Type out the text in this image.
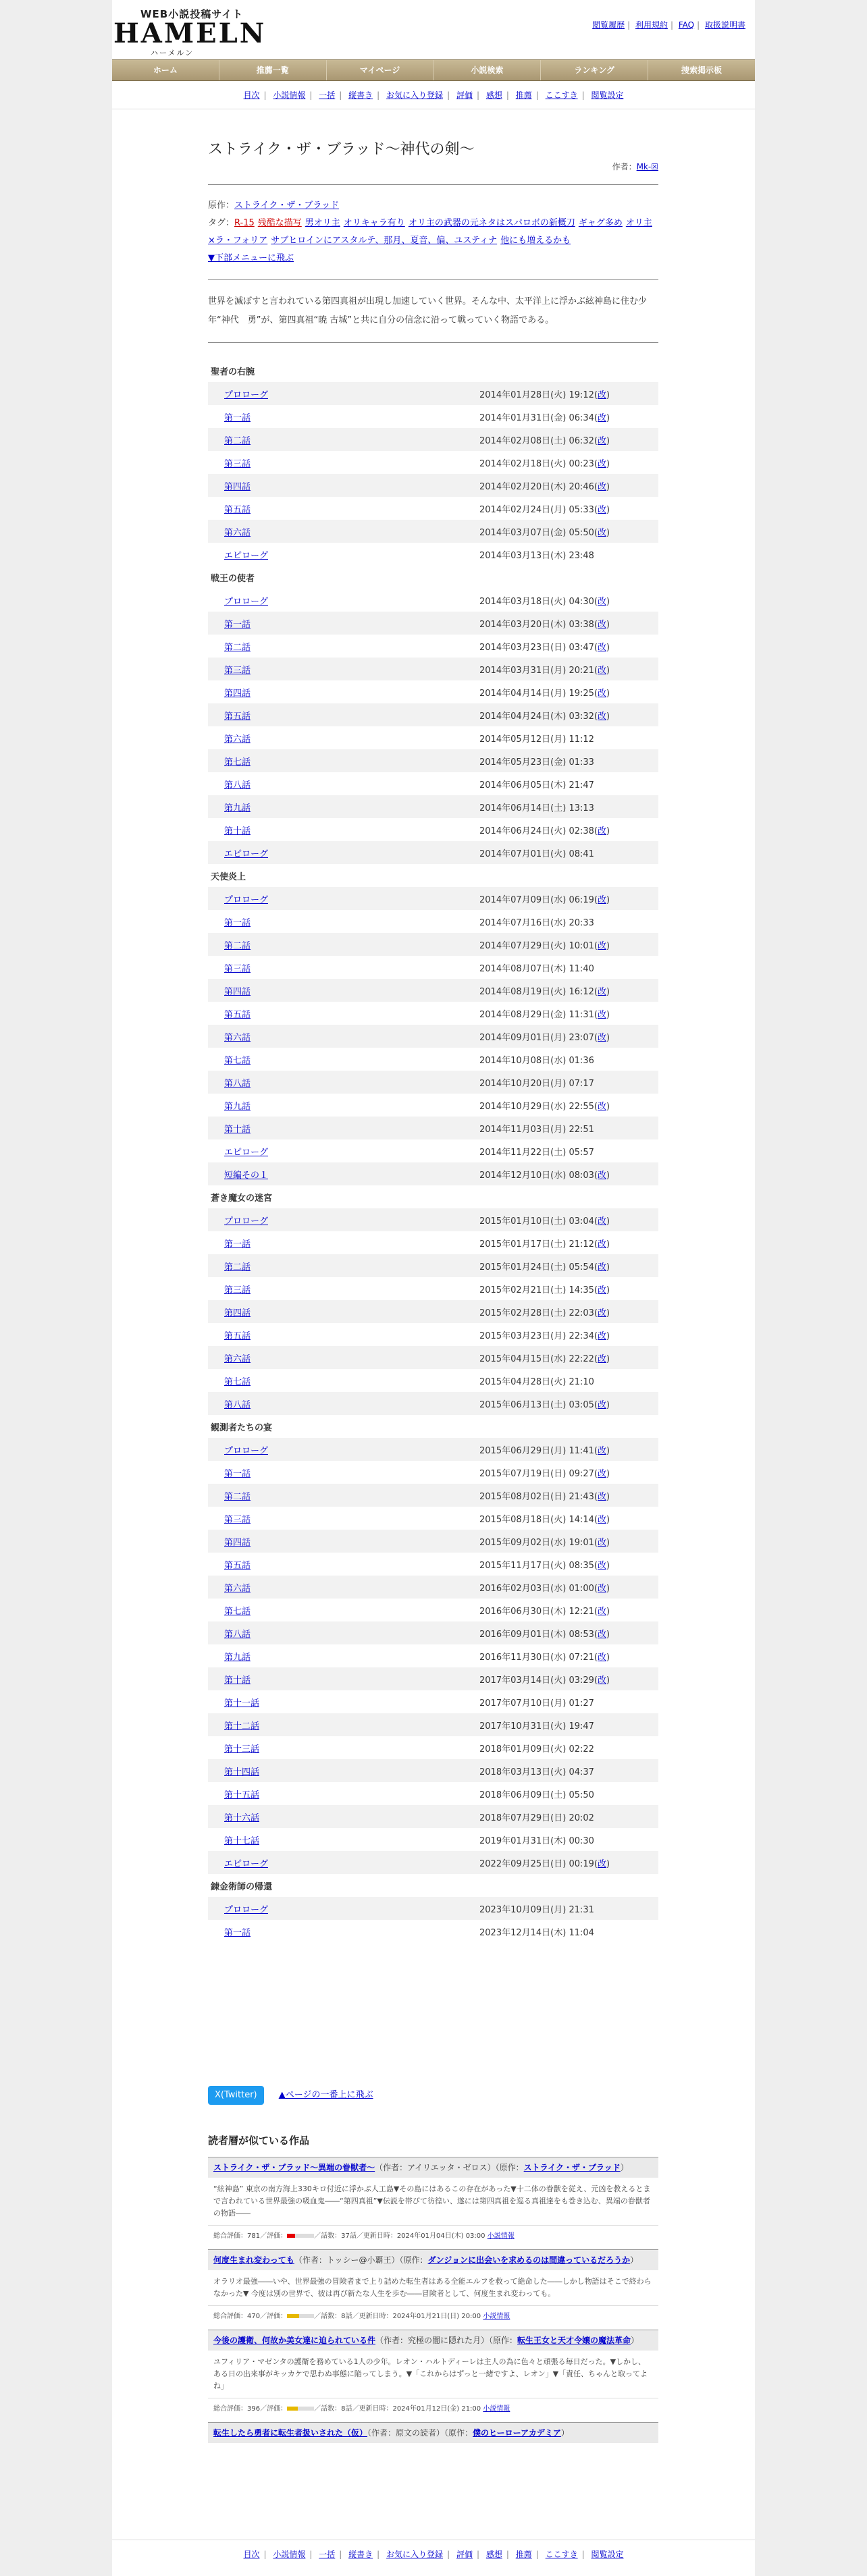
WEB小説投稿サイト
HAMELN
ハーメルン
閲覧履歴 | 利用規約 | FAQ | 取扱説明書
ホーム	推薦一覧	マイページ	小説検索	ランキング	捜索掲示板
目次 | 小説情報 | 一括 | 縦書き | お気に入り登録 | 評価 | 感想 | 推薦 | ここすき | 閲覧設定
ストライク・ザ・ブラッド〜神代の剣〜
作者：Mk-☒
原作：ストライク・ザ・ブラッド
タグ：R-15 残酷な描写 男オリ主 オリキャラ有り オリ主の武器の元ネタはスパロボの新概刀 ギャグ多め オリ主×ラ・フォリア サブヒロインにアスタルテ、那月、夏音、偏、ユスティナ 他にも増えるかも
▼下部メニューに飛ぶ
世界を滅ぼすと言われている第四真祖が出現し加速していく世界。そんな中、太平洋上に浮かぶ絃神島に住む少年“神代　勇”が、第四真祖“暁 古城”と共に自分の信念に沿って戦っていく物語である。
聖者の右腕	
プロローグ	2014年01月28日(火) 19:12(改)
第一話	2014年01月31日(金) 06:34(改)
第二話	2014年02月08日(土) 06:32(改)
第三話	2014年02月18日(火) 00:23(改)
第四話	2014年02月20日(木) 20:46(改)
第五話	2014年02月24日(月) 05:33(改)
第六話	2014年03月07日(金) 05:50(改)
エピローグ	2014年03月13日(木) 23:48
戦王の使者	
プロローグ	2014年03月18日(火) 04:30(改)
第一話	2014年03月20日(木) 03:38(改)
第二話	2014年03月23日(日) 03:47(改)
第三話	2014年03月31日(月) 20:21(改)
第四話	2014年04月14日(月) 19:25(改)
第五話	2014年04月24日(木) 03:32(改)
第六話	2014年05月12日(月) 11:12
第七話	2014年05月23日(金) 01:33
第八話	2014年06月05日(木) 21:47
第九話	2014年06月14日(土) 13:13
第十話	2014年06月24日(火) 02:38(改)
エピローグ	2014年07月01日(火) 08:41
天使炎上	
プロローグ	2014年07月09日(水) 06:19(改)
第一話	2014年07月16日(水) 20:33
第二話	2014年07月29日(火) 10:01(改)
第三話	2014年08月07日(木) 11:40
第四話	2014年08月19日(火) 16:12(改)
第五話	2014年08月29日(金) 11:31(改)
第六話	2014年09月01日(月) 23:07(改)
第七話	2014年10月08日(水) 01:36
第八話	2014年10月20日(月) 07:17
第九話	2014年10月29日(水) 22:55(改)
第十話	2014年11月03日(月) 22:51
エピローグ	2014年11月22日(土) 05:57
短編その１	2014年12月10日(水) 08:03(改)
蒼き魔女の迷宮	
プロローグ	2015年01月10日(土) 03:04(改)
第一話	2015年01月17日(土) 21:12(改)
第二話	2015年01月24日(土) 05:54(改)
第三話	2015年02月21日(土) 14:35(改)
第四話	2015年02月28日(土) 22:03(改)
第五話	2015年03月23日(月) 22:34(改)
第六話	2015年04月15日(水) 22:22(改)
第七話	2015年04月28日(火) 21:10
第八話	2015年06月13日(土) 03:05(改)
観測者たちの宴	
プロローグ	2015年06月29日(月) 11:41(改)
第一話	2015年07月19日(日) 09:27(改)
第二話	2015年08月02日(日) 21:43(改)
第三話	2015年08月18日(火) 14:14(改)
第四話	2015年09月02日(水) 19:01(改)
第五話	2015年11月17日(火) 08:35(改)
第六話	2016年02月03日(水) 01:00(改)
第七話	2016年06月30日(木) 12:21(改)
第八話	2016年09月01日(木) 08:53(改)
第九話	2016年11月30日(水) 07:21(改)
第十話	2017年03月14日(火) 03:29(改)
第十一話	2017年07月10日(月) 01:27
第十二話	2017年10月31日(火) 19:47
第十三話	2018年01月09日(火) 02:22
第十四話	2018年03月13日(火) 04:37
第十五話	2018年06月09日(土) 05:50
第十六話	2018年07月29日(日) 20:02
第十七話	2019年01月31日(木) 00:30
エピローグ	2022年09月25日(日) 00:19(改)
錬金術師の帰還	
プロローグ	2023年10月09日(月) 21:31
第一話	2023年12月14日(木) 11:04
X(Twitter) ▲ページの一番上に飛ぶ
読者層が似ている作品
ストライク・ザ・ブラッド〜異端の眷獣者〜（作者：アイリエッタ・ゼロス）（原作：ストライク・ザ・ブラッド）
“絃神島” 東京の南方海上330キロ付近に浮かぶ人工島▼その島にはあるこの存在があった▼十二体の眷獣を従え、元凶を教えるとまで言われている世界最強の吸血鬼――“第四真祖”▼伝説を帯びて彷徨い、遂には第四真祖を巡る真祖達をも巻き込む、異端の眷獣者の物語――
総合評価：781／評価：	／話数：37話／更新日時：2024年01月04日(木) 03:00 小説情報
何度生まれ変わっても（作者：トッシー@小覇王）（原作：ダンジョンに出会いを求めるのは間違っているだろうか）
オラリオ最強――いや、世界最強の冒険者まで上り詰めた転生者はある全能エルフを救って絶命した――しかし物語はそこで終わらなかった▼ 今度は別の世界で、彼は再び新たな人生を歩む――冒険者として、何度生まれ変わっても。
総合評価：470／評価：	／話数：8話／更新日時：2024年01月21日(日) 20:00 小説情報
今後の護衛、何故か美女達に迫られている件（作者：究極の闇に隠れた月）（原作：転生王女と天才令嬢の魔法革命）
ユフィリア・マゼンタの護衛を務めている1人の少年。レオン・ハルトディーレは主人の為に色々と頑張る毎日だった。▼しかし、ある日の出来事がキッカケで思わぬ事態に陥ってしまう。▼「これからはずっと一緒ですよ、レオン」▼「責任、ちゃんと取ってよね」
総合評価：396／評価：	／話数：8話／更新日時：2024年01月12日(金) 21:00 小説情報
転生したら勇者に転生者扱いされた（仮）（作者：原文の読者）（原作：僕のヒーローアカデミア）
目次 | 小説情報 | 一括 | 縦書き | お気に入り登録 | 評価 | 感想 | 推薦 | ここすき | 閲覧設定
